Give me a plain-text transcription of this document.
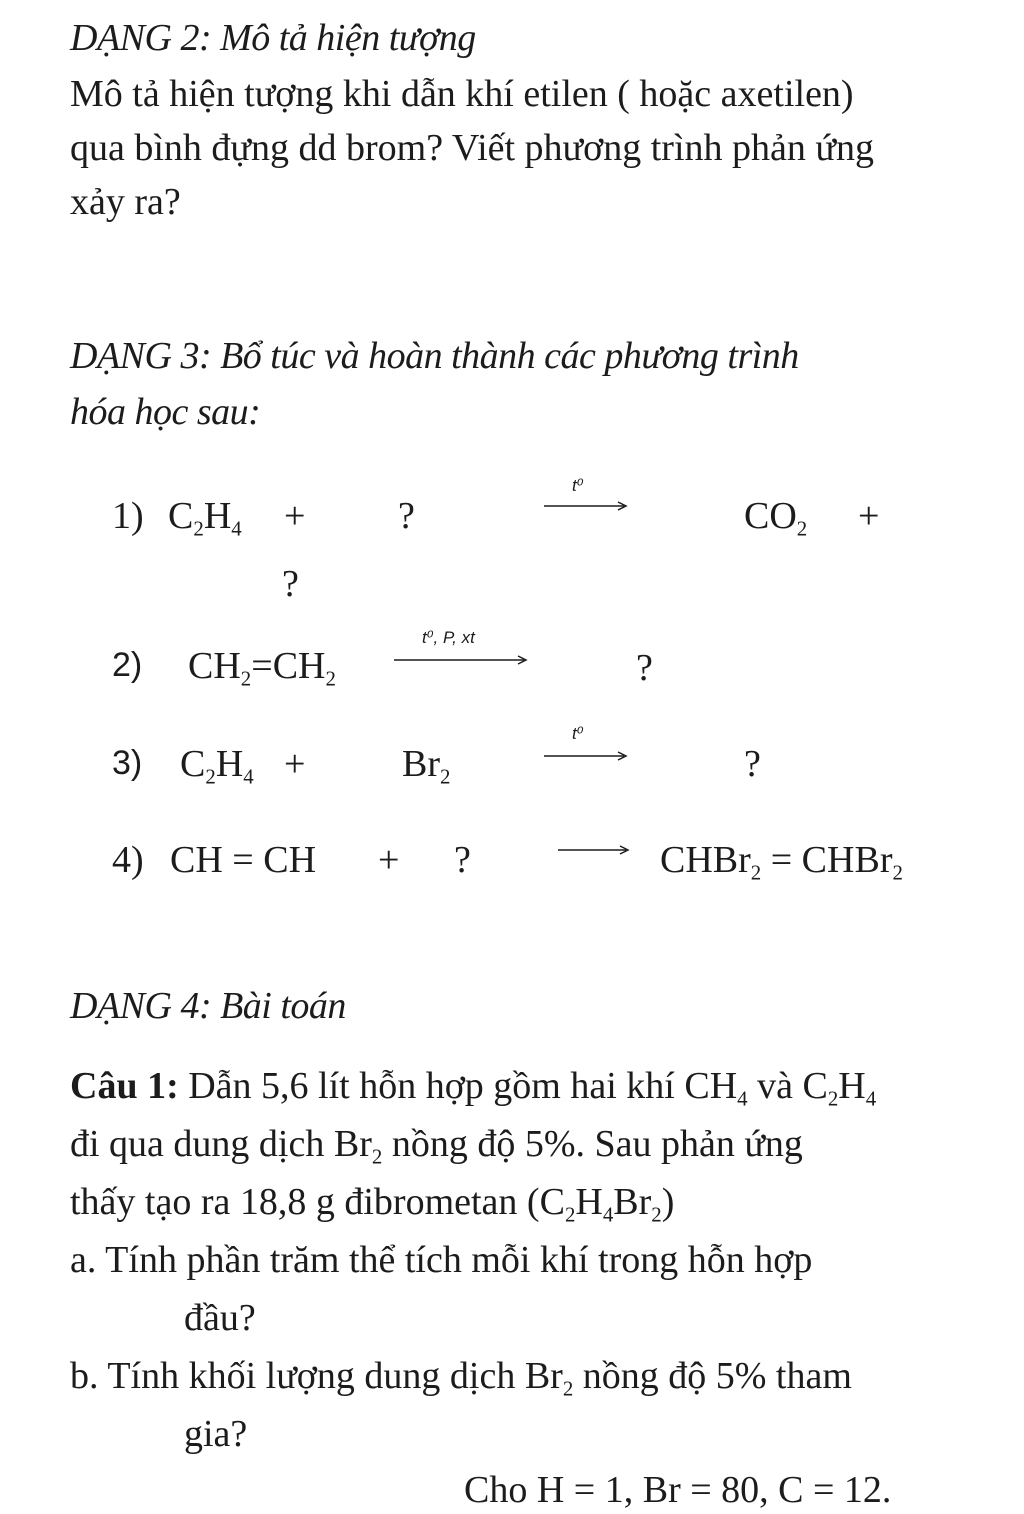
DẠNG 2: Mô tả hiện tượng
Mô tả hiện tượng khi dẫn khí etilen ( hoặc axetilen)
qua bình đựng dd brom? Viết phương trình phản ứng
xảy ra?
DẠNG 3: Bổ túc và hoàn thành các phương trình
hóa học sau:
1) $C_2H_4$ + ?
t⁰
$CO_2$ +
?
2) $CH_2=CH_2$
t⁰, P, xt
?
3) $C_2H_4$ +	$Br_2$
t⁰
?
4) CH = CH + ?	CHBr$_2$ = CHBr$_2$
DẠNG 4: Bài toán
Câu 1: Dẫn 5,6 lít hỗn hợp gồm hai khí $CH_4$ và $C_2H_4$
đi qua dung dịch $Br_2$ nồng độ 5%. Sau phản ứng
thấy tạo ra 18,8 g đibrometan $(C_2H_4Br_2)$
a. Tính phần trăm thể tích mỗi khí trong hỗn hợp
đầu?
b. Tính khối lượng dung dịch $Br_2$ nồng độ 5% tham
gia?
Cho H = 1, Br = 80, C = 12.
